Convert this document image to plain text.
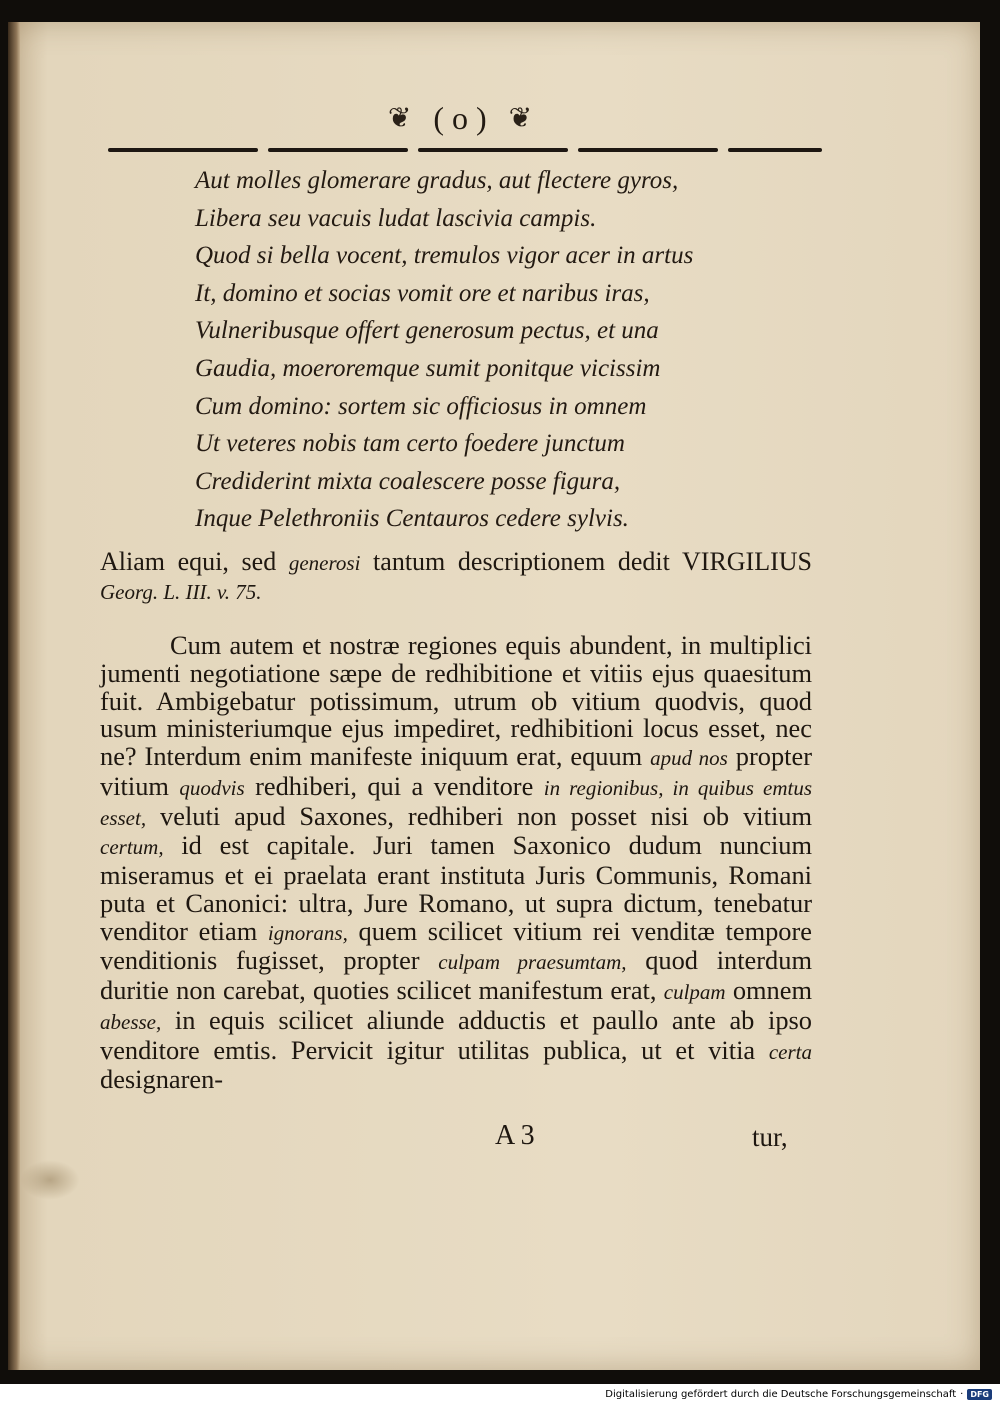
❦ ( o ) ❦
Aut molles glomerare gradus, aut flectere gyros,
Libera seu vacuis ludat lascivia campis.
Quod si bella vocent, tremulos vigor acer in artus
It, domino et socias vomit ore et naribus iras,
Vulneribusque offert generosum pectus, et una
Gaudia, moeroremque sumit ponitque vicissim
Cum domino: sortem sic officiosus in omnem
Ut veteres nobis tam certo foedere junctum
Crediderint mixta coalescere posse figura,
Inque Pelethroniis Centauros cedere sylvis.
Aliam equi, sed generosi tantum descriptionem dedit VIRGILIUS Georg. L. III. v. 75.
Cum autem et nostræ regiones equis abundent, in multiplici jumenti negotiatione sæpe de redhibitione et vitiis ejus quaesitum fuit. Ambigebatur potissimum, utrum ob vitium quodvis, quod usum ministeriumque ejus impediret, redhibitioni locus esset, nec ne? Interdum enim manifeste iniquum erat, equum apud nos propter vitium quodvis redhiberi, qui a venditore in regionibus, in quibus emtus esset, veluti apud Saxones, redhiberi non posset nisi ob vitium certum, id est capitale. Juri tamen Saxonico dudum nuncium miseramus et ei praelata erant instituta Juris Communis, Romani puta et Canonici: ultra, Jure Romano, ut supra dictum, tenebatur venditor etiam ignorans, quem scilicet vitium rei venditæ tempore venditionis fugisset, propter culpam praesumtam, quod interdum duritie non carebat, quoties scilicet manifestum erat, culpam omnem abesse, in equis scilicet aliunde adductis et paullo ante ab ipso venditore emtis. Pervicit igitur utilitas publica, ut et vitia certa designaren-
A 3	tur,
Digitalisierung gefördert durch die Deutsche Forschungsgemeinschaft · DFG
